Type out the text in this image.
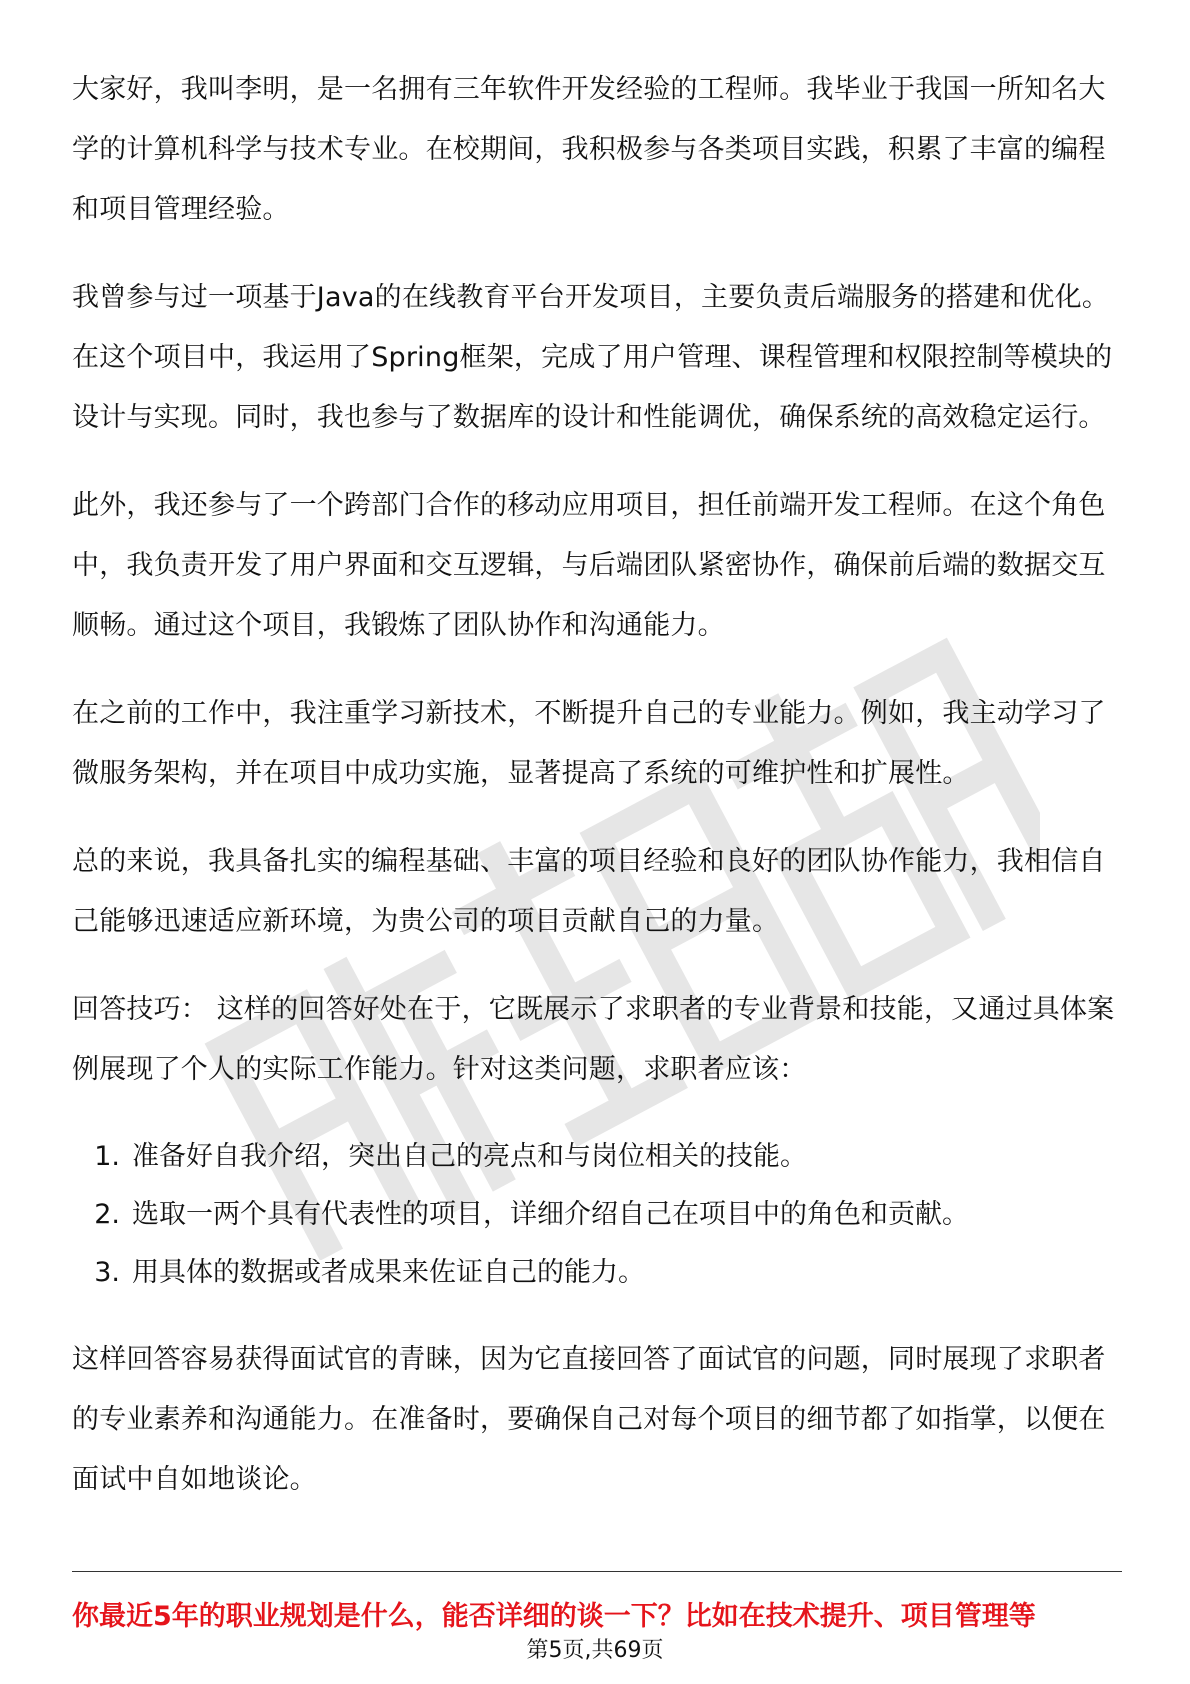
大家好，我叫李明，是一名拥有三年软件开发经验的工程师。我毕业于我国一所知名大学的计算机科学与技术专业。在校期间，我积极参与各类项目实践，积累了丰富的编程和项目管理经验。

我曾参与过一项基于Java的在线教育平台开发项目，主要负责后端服务的搭建和优化。在这个项目中，我运用了Spring框架，完成了用户管理、课程管理和权限控制等模块的设计与实现。同时，我也参与了数据库的设计和性能调优，确保系统的高效稳定运行。

此外，我还参与了一个跨部门合作的移动应用项目，担任前端开发工程师。在这个角色中，我负责开发了用户界面和交互逻辑，与后端团队紧密协作，确保前后端的数据交互顺畅。通过这个项目，我锻炼了团队协作和沟通能力。

在之前的工作中，我注重学习新技术，不断提升自己的专业能力。例如，我主动学习了微服务架构，并在项目中成功实施，显著提高了系统的可维护性和扩展性。

总的来说，我具备扎实的编程基础、丰富的项目经验和良好的团队协作能力，我相信自己能够迅速适应新环境，为贵公司的项目贡献自己的力量。

回答技巧： 这样的回答好处在于，它既展示了求职者的专业背景和技能，又通过具体案例展现了个人的实际工作能力。针对这类问题，求职者应该：

1. 准备好自我介绍，突出自己的亮点和与岗位相关的技能。
2. 选取一两个具有代表性的项目，详细介绍自己在项目中的角色和贡献。
3. 用具体的数据或者成果来佐证自己的能力。

这样回答容易获得面试官的青睐，因为它直接回答了面试官的问题，同时展现了求职者的专业素养和沟通能力。在准备时，要确保自己对每个项目的细节都了如指掌，以便在面试中自如地谈论。

你最近5年的职业规划是什么，能否详细的谈一下？比如在技术提升、项目管理等
第5页,共69页
